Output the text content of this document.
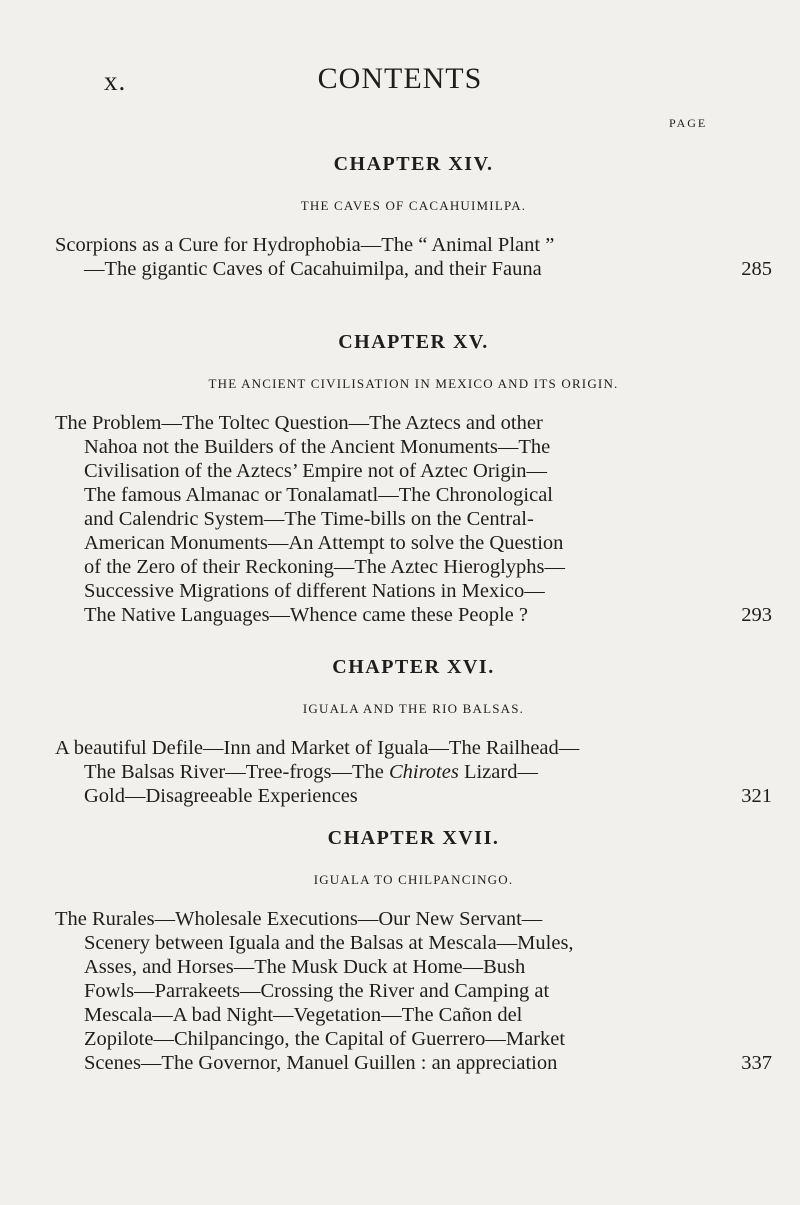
x.	CONTENTS
PAGE
CHAPTER XIV.

THE CAVES OF CACAHUIMILPA.

Scorpions as a Cure for Hydrophobia—The “ Animal Plant ”
—The gigantic Caves of Cacahuimilpa, and their Fauna	285
CHAPTER XV.

THE ANCIENT CIVILISATION IN MEXICO AND ITS ORIGIN.

The Problem—The Toltec Question—The Aztecs and other
Nahoa not the Builders of the Ancient Monuments—The
Civilisation of the Aztecs’ Empire not of Aztec Origin—
The famous Almanac or Tonalamatl—The Chronological
and Calendric System—The Time-bills on the Central-
American Monuments—An Attempt to solve the Question
of the Zero of their Reckoning—The Aztec Hieroglyphs—
Successive Migrations of different Nations in Mexico—
The Native Languages—Whence came these People ?	293
CHAPTER XVI.

IGUALA AND THE RIO BALSAS.

A beautiful Defile—Inn and Market of Iguala—The Railhead—
The Balsas River—Tree-frogs—The Chirotes Lizard—
Gold—Disagreeable Experiences	321
CHAPTER XVII.

IGUALA TO CHILPANCINGO.

The Rurales—Wholesale Executions—Our New Servant—
Scenery between Iguala and the Balsas at Mescala—Mules,
Asses, and Horses—The Musk Duck at Home—Bush
Fowls—Parrakeets—Crossing the River and Camping at
Mescala—A bad Night—Vegetation—The Cañon del
Zopilote—Chilpancingo, the Capital of Guerrero—Market
Scenes—The Governor, Manuel Guillen : an appreciation	337
